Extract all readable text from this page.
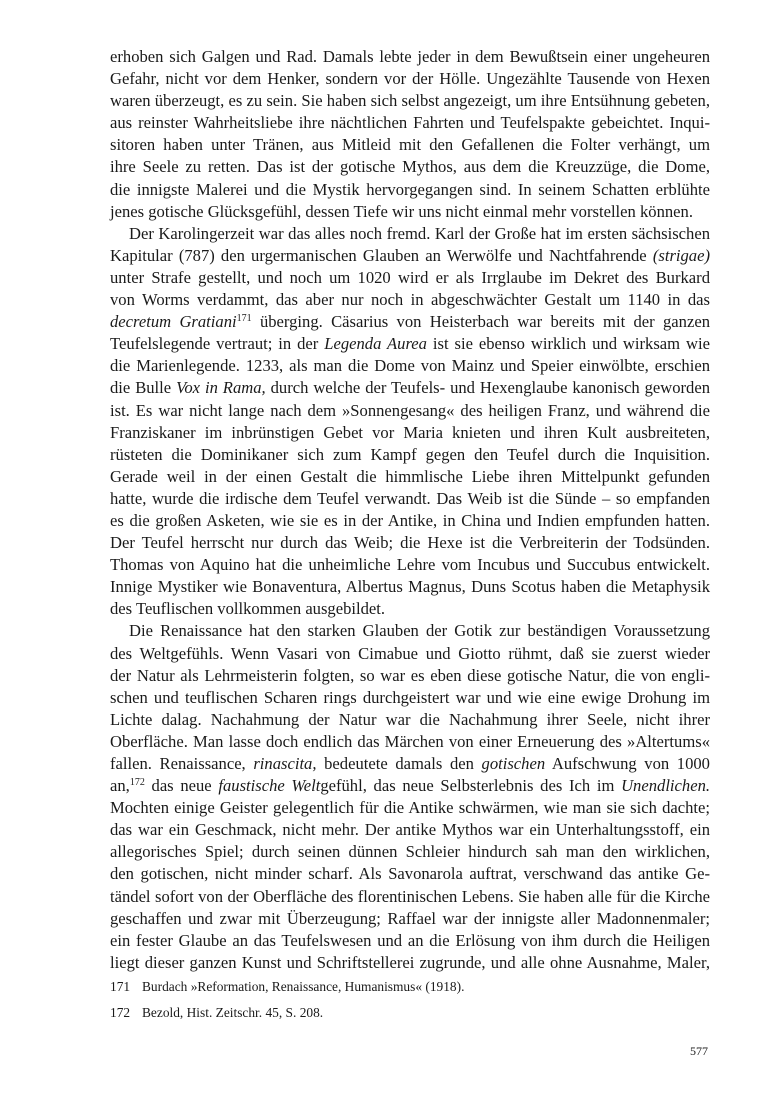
erhoben sich Galgen und Rad. Damals lebte jeder in dem Bewußtsein einer ungeheuren
Gefahr, nicht vor dem Henker, sondern vor der Hölle. Ungezählte Tausende von Hexen
waren überzeugt, es zu sein. Sie haben sich selbst angezeigt, um ihre Entsühnung gebeten,
aus reinster Wahrheitsliebe ihre nächtlichen Fahrten und Teufelspakte gebeichtet. Inqui-
sitoren haben unter Tränen, aus Mitleid mit den Gefallenen die Folter verhängt, um
ihre Seele zu retten. Das ist der gotische Mythos, aus dem die Kreuzzüge, die Dome,
die innigste Malerei und die Mystik hervorgegangen sind. In seinem Schatten erblühte
jenes gotische Glücksgefühl, dessen Tiefe wir uns nicht einmal mehr vorstellen können.
Der Karolingerzeit war das alles noch fremd. Karl der Große hat im ersten sächsischen
Kapitular (787) den urgermanischen Glauben an Werwölfe und Nachtfahrende (strigae)
unter Strafe gestellt, und noch um 1020 wird er als Irrglaube im Dekret des Burkard
von Worms verdammt, das aber nur noch in abgeschwächter Gestalt um 1140 in das
decretum Gratiani$^{171}$ überging. Cäsarius von Heisterbach war bereits mit der ganzen
Teufelslegende vertraut; in der Legenda Aurea ist sie ebenso wirklich und wirksam wie
die Marienlegende. 1233, als man die Dome von Mainz und Speier einwölbte, erschien
die Bulle Vox in Rama, durch welche der Teufels- und Hexenglaube kanonisch geworden
ist. Es war nicht lange nach dem »Sonnengesang« des heiligen Franz, und während die
Franziskaner im inbrünstigen Gebet vor Maria knieten und ihren Kult ausbreiteten,
rüsteten die Dominikaner sich zum Kampf gegen den Teufel durch die Inquisition.
Gerade weil in der einen Gestalt die himmlische Liebe ihren Mittelpunkt gefunden
hatte, wurde die irdische dem Teufel verwandt. Das Weib ist die Sünde – so empfanden
es die großen Asketen, wie sie es in der Antike, in China und Indien empfunden hatten.
Der Teufel herrscht nur durch das Weib; die Hexe ist die Verbreiterin der Todsünden.
Thomas von Aquino hat die unheimliche Lehre vom Incubus und Succubus entwickelt.
Innige Mystiker wie Bonaventura, Albertus Magnus, Duns Scotus haben die Metaphysik
des Teuflischen vollkommen ausgebildet.
Die Renaissance hat den starken Glauben der Gotik zur beständigen Voraussetzung
des Weltgefühls. Wenn Vasari von Cimabue und Giotto rühmt, daß sie zuerst wieder
der Natur als Lehrmeisterin folgten, so war es eben diese gotische Natur, die von engli-
schen und teuflischen Scharen rings durchgeistert war und wie eine ewige Drohung im
Lichte dalag. Nachahmung der Natur war die Nachahmung ihrer Seele, nicht ihrer
Oberfläche. Man lasse doch endlich das Märchen von einer Erneuerung des »Altertums«
fallen. Renaissance, rinascita, bedeutete damals den gotischen Aufschwung von 1000
an,$^{172}$ das neue faustische Weltgefühl, das neue Selbsterlebnis des Ich im Unendlichen.
Mochten einige Geister gelegentlich für die Antike schwärmen, wie man sie sich dachte;
das war ein Geschmack, nicht mehr. Der antike Mythos war ein Unterhaltungsstoff, ein
allegorisches Spiel; durch seinen dünnen Schleier hindurch sah man den wirklichen,
den gotischen, nicht minder scharf. Als Savonarola auftrat, verschwand das antike Ge-
tändel sofort von der Oberfläche des florentinischen Lebens. Sie haben alle für die Kirche
geschaffen und zwar mit Überzeugung; Raffael war der innigste aller Madonnenmaler;
ein fester Glaube an das Teufelswesen und an die Erlösung von ihm durch die Heiligen
liegt dieser ganzen Kunst und Schriftstellerei zugrunde, und alle ohne Ausnahme, Maler,
171 Burdach »Reformation, Renaissance, Humanismus« (1918).
172 Bezold, Hist. Zeitschr. 45, S. 208.
577
